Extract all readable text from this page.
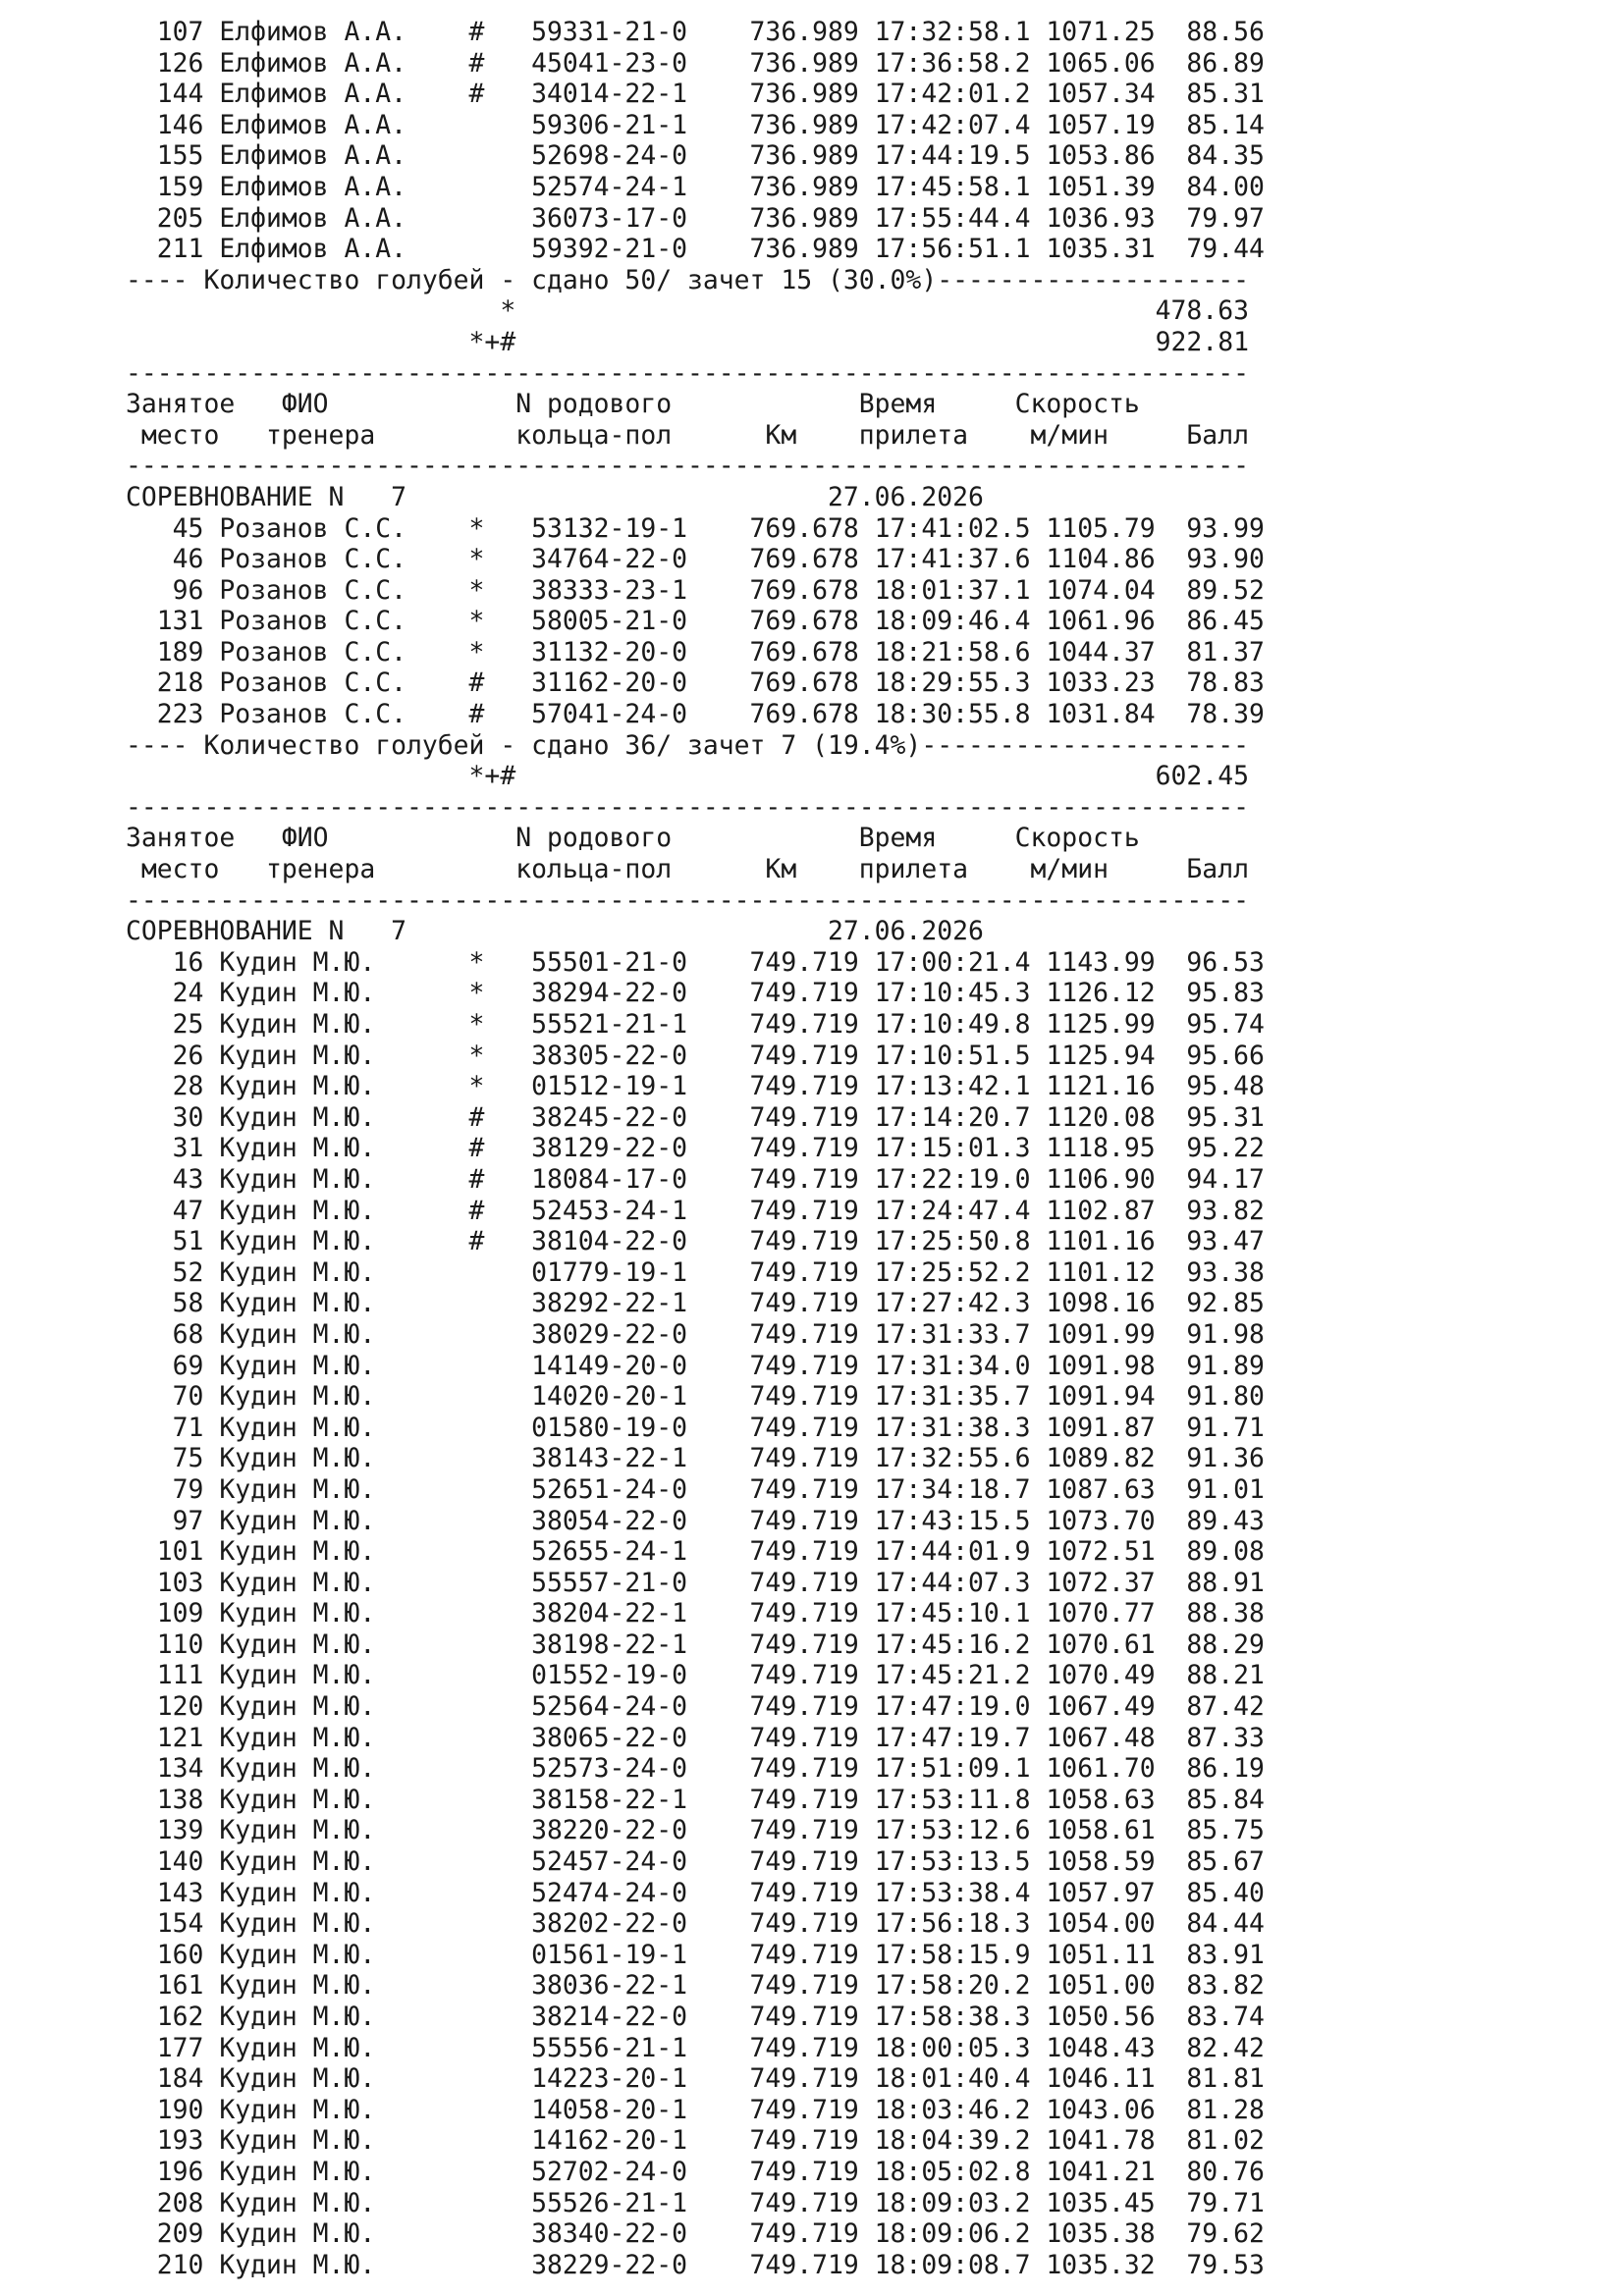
107 Елфимов А.А.    #   59331-21-0    736.989 17:32:58.1 1071.25  88.56
126 Елфимов А.А.    #   45041-23-0    736.989 17:36:58.2 1065.06  86.89
144 Елфимов А.А.    #   34014-22-1    736.989 17:42:01.2 1057.34  85.31
146 Елфимов А.А.        59306-21-1    736.989 17:42:07.4 1057.19  85.14
155 Елфимов А.А.        52698-24-0    736.989 17:44:19.5 1053.86  84.35
159 Елфимов А.А.        52574-24-1    736.989 17:45:58.1 1051.39  84.00
205 Елфимов А.А.        36073-17-0    736.989 17:55:44.4 1036.93  79.97
211 Елфимов А.А.        59392-21-0    736.989 17:56:51.1 1035.31  79.44
---- Количество голубей - сдано 50/ зачет 15 (30.0%)--------------------
*                                         478.63
*+#                                         922.81
------------------------------------------------------------------------
Занятое   ФИО            N родового            Время     Скорость
место   тренера         кольца-пол      Км    прилета    м/мин     Балл
------------------------------------------------------------------------
СОРЕВНОВАНИЕ N   7                           27.06.2026
45 Розанов С.С.    *   53132-19-1    769.678 17:41:02.5 1105.79  93.99
46 Розанов С.С.    *   34764-22-0    769.678 17:41:37.6 1104.86  93.90
96 Розанов С.С.    *   38333-23-1    769.678 18:01:37.1 1074.04  89.52
131 Розанов С.С.    *   58005-21-0    769.678 18:09:46.4 1061.96  86.45
189 Розанов С.С.    *   31132-20-0    769.678 18:21:58.6 1044.37  81.37
218 Розанов С.С.    #   31162-20-0    769.678 18:29:55.3 1033.23  78.83
223 Розанов С.С.    #   57041-24-0    769.678 18:30:55.8 1031.84  78.39
---- Количество голубей - сдано 36/ зачет 7 (19.4%)---------------------
*+#                                         602.45
------------------------------------------------------------------------
Занятое   ФИО            N родового            Время     Скорость
место   тренера         кольца-пол      Км    прилета    м/мин     Балл
------------------------------------------------------------------------
СОРЕВНОВАНИЕ N   7                           27.06.2026
16 Кудин М.Ю.      *   55501-21-0    749.719 17:00:21.4 1143.99  96.53
24 Кудин М.Ю.      *   38294-22-0    749.719 17:10:45.3 1126.12  95.83
25 Кудин М.Ю.      *   55521-21-1    749.719 17:10:49.8 1125.99  95.74
26 Кудин М.Ю.      *   38305-22-0    749.719 17:10:51.5 1125.94  95.66
28 Кудин М.Ю.      *   01512-19-1    749.719 17:13:42.1 1121.16  95.48
30 Кудин М.Ю.      #   38245-22-0    749.719 17:14:20.7 1120.08  95.31
31 Кудин М.Ю.      #   38129-22-0    749.719 17:15:01.3 1118.95  95.22
43 Кудин М.Ю.      #   18084-17-0    749.719 17:22:19.0 1106.90  94.17
47 Кудин М.Ю.      #   52453-24-1    749.719 17:24:47.4 1102.87  93.82
51 Кудин М.Ю.      #   38104-22-0    749.719 17:25:50.8 1101.16  93.47
52 Кудин М.Ю.          01779-19-1    749.719 17:25:52.2 1101.12  93.38
58 Кудин М.Ю.          38292-22-1    749.719 17:27:42.3 1098.16  92.85
68 Кудин М.Ю.          38029-22-0    749.719 17:31:33.7 1091.99  91.98
69 Кудин М.Ю.          14149-20-0    749.719 17:31:34.0 1091.98  91.89
70 Кудин М.Ю.          14020-20-1    749.719 17:31:35.7 1091.94  91.80
71 Кудин М.Ю.          01580-19-0    749.719 17:31:38.3 1091.87  91.71
75 Кудин М.Ю.          38143-22-1    749.719 17:32:55.6 1089.82  91.36
79 Кудин М.Ю.          52651-24-0    749.719 17:34:18.7 1087.63  91.01
97 Кудин М.Ю.          38054-22-0    749.719 17:43:15.5 1073.70  89.43
101 Кудин М.Ю.          52655-24-1    749.719 17:44:01.9 1072.51  89.08
103 Кудин М.Ю.          55557-21-0    749.719 17:44:07.3 1072.37  88.91
109 Кудин М.Ю.          38204-22-1    749.719 17:45:10.1 1070.77  88.38
110 Кудин М.Ю.          38198-22-1    749.719 17:45:16.2 1070.61  88.29
111 Кудин М.Ю.          01552-19-0    749.719 17:45:21.2 1070.49  88.21
120 Кудин М.Ю.          52564-24-0    749.719 17:47:19.0 1067.49  87.42
121 Кудин М.Ю.          38065-22-0    749.719 17:47:19.7 1067.48  87.33
134 Кудин М.Ю.          52573-24-0    749.719 17:51:09.1 1061.70  86.19
138 Кудин М.Ю.          38158-22-1    749.719 17:53:11.8 1058.63  85.84
139 Кудин М.Ю.          38220-22-0    749.719 17:53:12.6 1058.61  85.75
140 Кудин М.Ю.          52457-24-0    749.719 17:53:13.5 1058.59  85.67
143 Кудин М.Ю.          52474-24-0    749.719 17:53:38.4 1057.97  85.40
154 Кудин М.Ю.          38202-22-0    749.719 17:56:18.3 1054.00  84.44
160 Кудин М.Ю.          01561-19-1    749.719 17:58:15.9 1051.11  83.91
161 Кудин М.Ю.          38036-22-1    749.719 17:58:20.2 1051.00  83.82
162 Кудин М.Ю.          38214-22-0    749.719 17:58:38.3 1050.56  83.74
177 Кудин М.Ю.          55556-21-1    749.719 18:00:05.3 1048.43  82.42
184 Кудин М.Ю.          14223-20-1    749.719 18:01:40.4 1046.11  81.81
190 Кудин М.Ю.          14058-20-1    749.719 18:03:46.2 1043.06  81.28
193 Кудин М.Ю.          14162-20-1    749.719 18:04:39.2 1041.78  81.02
196 Кудин М.Ю.          52702-24-0    749.719 18:05:02.8 1041.21  80.76
208 Кудин М.Ю.          55526-21-1    749.719 18:09:03.2 1035.45  79.71
209 Кудин М.Ю.          38340-22-0    749.719 18:09:06.2 1035.38  79.62
210 Кудин М.Ю.          38229-22-0    749.719 18:09:08.7 1035.32  79.53
